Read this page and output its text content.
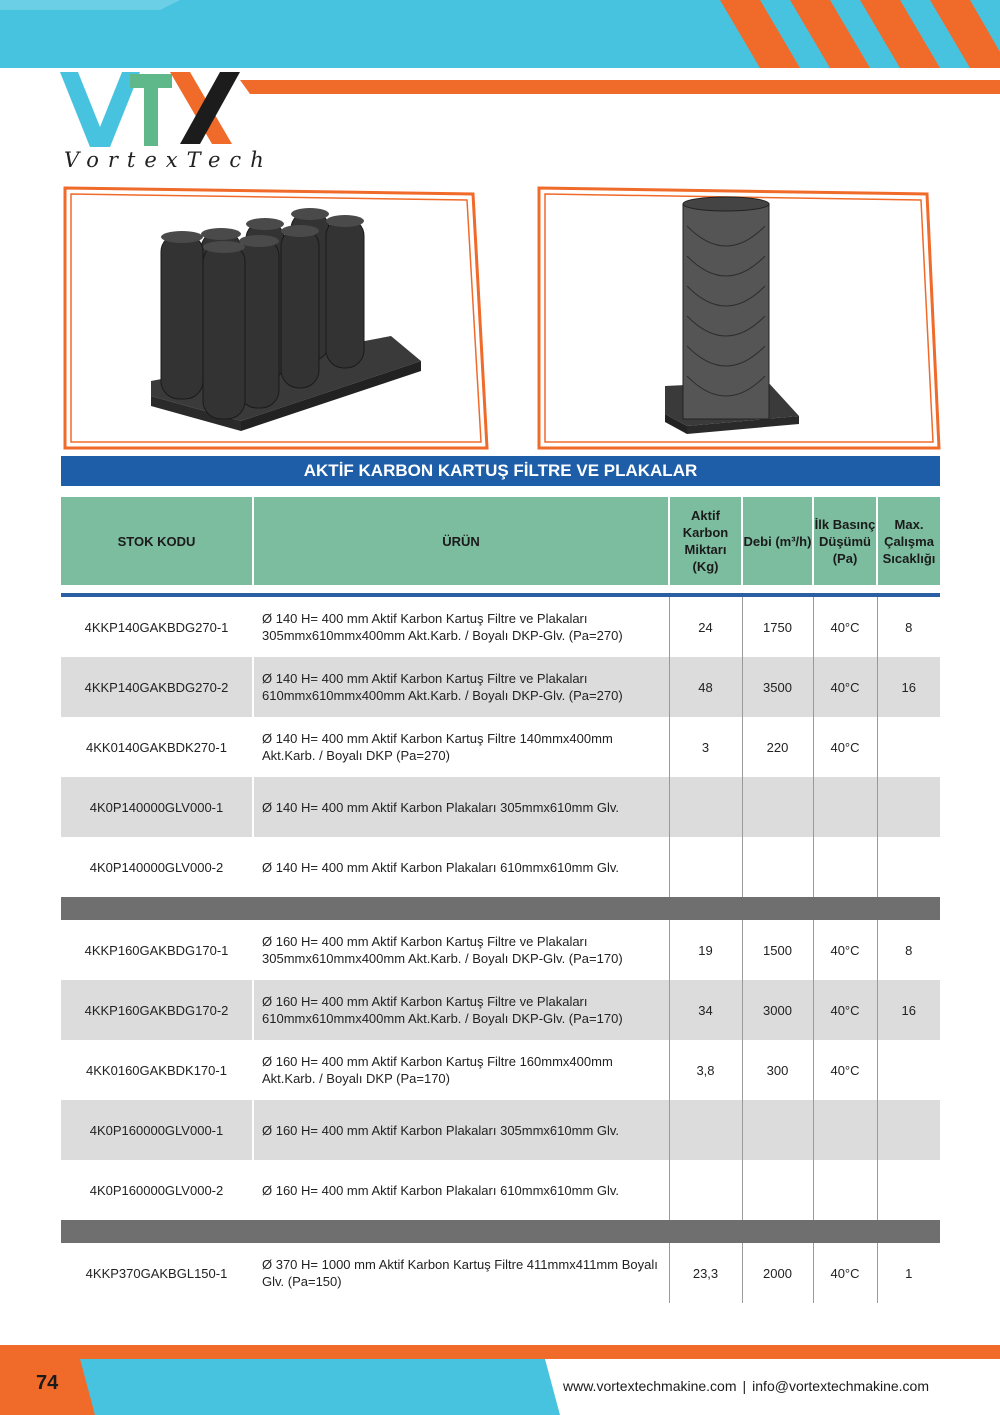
VortexTech
AKTİF KARBON KARTUŞ FİLTRE VE PLAKALAR
STOK KODU	ÜRÜN	Aktif Karbon Miktarı (Kg)	Debi (m³/h)	İlk Basınç Düşümü (Pa)	Max. Çalışma Sıcaklığı

4KKP140GAKBDG270-1	Ø 140 H= 400 mm Aktif Karbon Kartuş Filtre ve Plakaları 305mmx610mmx400mm Akt.Karb. / Boyalı DKP-Glv. (Pa=270)	24	1750	40°C	8
4KKP140GAKBDG270-2	Ø 140 H= 400 mm Aktif Karbon Kartuş Filtre ve Plakaları 610mmx610mmx400mm Akt.Karb. / Boyalı DKP-Glv. (Pa=270)	48	3500	40°C	16
4KK0140GAKBDK270-1	Ø 140 H= 400 mm Aktif Karbon Kartuş Filtre 140mmx400mm Akt.Karb. / Boyalı DKP (Pa=270)	3	220	40°C	
4K0P140000GLV000-1	Ø 140 H= 400 mm Aktif Karbon Plakaları 305mmx610mm Glv.				
4K0P140000GLV000-2	Ø 140 H= 400 mm Aktif Karbon Plakaları 610mmx610mm Glv.				

4KKP160GAKBDG170-1	Ø 160 H= 400 mm Aktif Karbon Kartuş Filtre ve Plakaları 305mmx610mmx400mm Akt.Karb. / Boyalı DKP-Glv. (Pa=170)	19	1500	40°C	8
4KKP160GAKBDG170-2	Ø 160 H= 400 mm Aktif Karbon Kartuş Filtre ve Plakaları 610mmx610mmx400mm Akt.Karb. / Boyalı DKP-Glv. (Pa=170)	34	3000	40°C	16
4KK0160GAKBDK170-1	Ø 160 H= 400 mm Aktif Karbon Kartuş Filtre 160mmx400mm Akt.Karb. / Boyalı DKP (Pa=170)	3,8	300	40°C	
4K0P160000GLV000-1	Ø 160 H= 400 mm Aktif Karbon Plakaları 305mmx610mm Glv.				
4K0P160000GLV000-2	Ø 160 H= 400 mm Aktif Karbon Plakaları 610mmx610mm Glv.				

4KKP370GAKBGL150-1	Ø 370 H= 1000 mm Aktif Karbon Kartuş Filtre 411mmx411mm Boyalı Glv. (Pa=150)	23,3	2000	40°C	1
74	www.vortextechmakine.com | info@vortextechmakine.com
